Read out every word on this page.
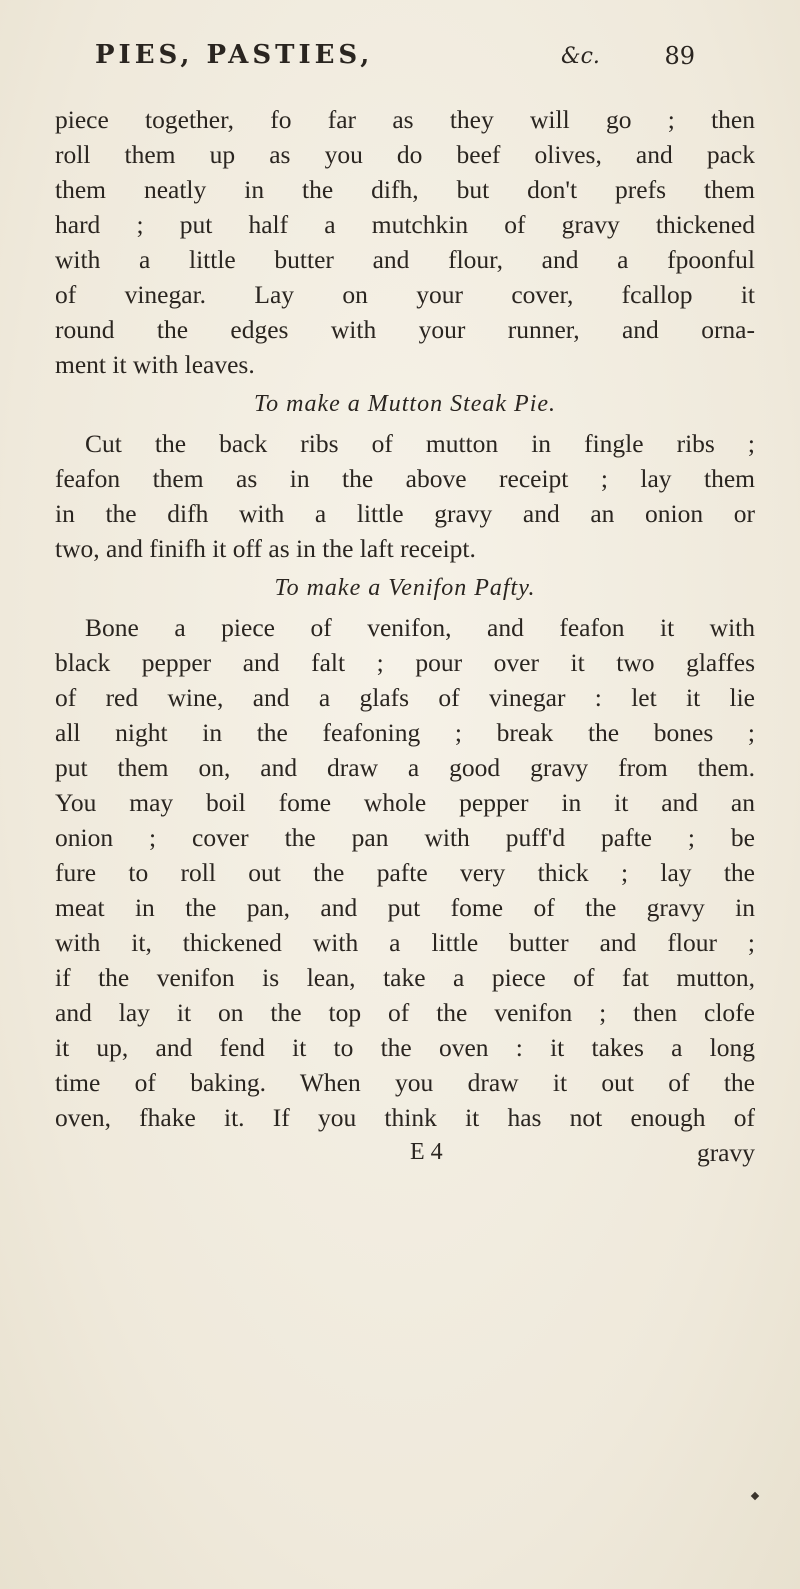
PIES, PASTIES,	&c.	89
piece together, fo far as they will go ; then
roll them up as you do beef olives, and pack
them neatly in the difh, but don't prefs them
hard ; put half a mutchkin of gravy thickened
with a little butter and flour, and a fpoonful
of vinegar. Lay on your cover, fcallop it
round the edges with your runner, and orna-
ment it with leaves.
To make a Mutton Steak Pie.
Cut the back ribs of mutton in fingle ribs ;
feafon them as in the above receipt ; lay them
in the difh with a little gravy and an onion or
two, and finifh it off as in the laft receipt.
To make a Venifon Pafty.
Bone a piece of venifon, and feafon it with
black pepper and falt ; pour over it two glaffes
of red wine, and a glafs of vinegar : let it lie
all night in the feafoning ; break the bones ;
put them on, and draw a good gravy from them.
You may boil fome whole pepper in it and an
onion ; cover the pan with puff'd pafte ; be
fure to roll out the pafte very thick ; lay the
meat in the pan, and put fome of the gravy in
with it, thickened with a little butter and flour ;
if the venifon is lean, take a piece of fat mutton,
and lay it on the top of the venifon ; then clofe
it up, and fend it to the oven : it takes a long
time of baking. When you draw it out of the
oven, fhake it. If you think it has not enough of
E 4	gravy
